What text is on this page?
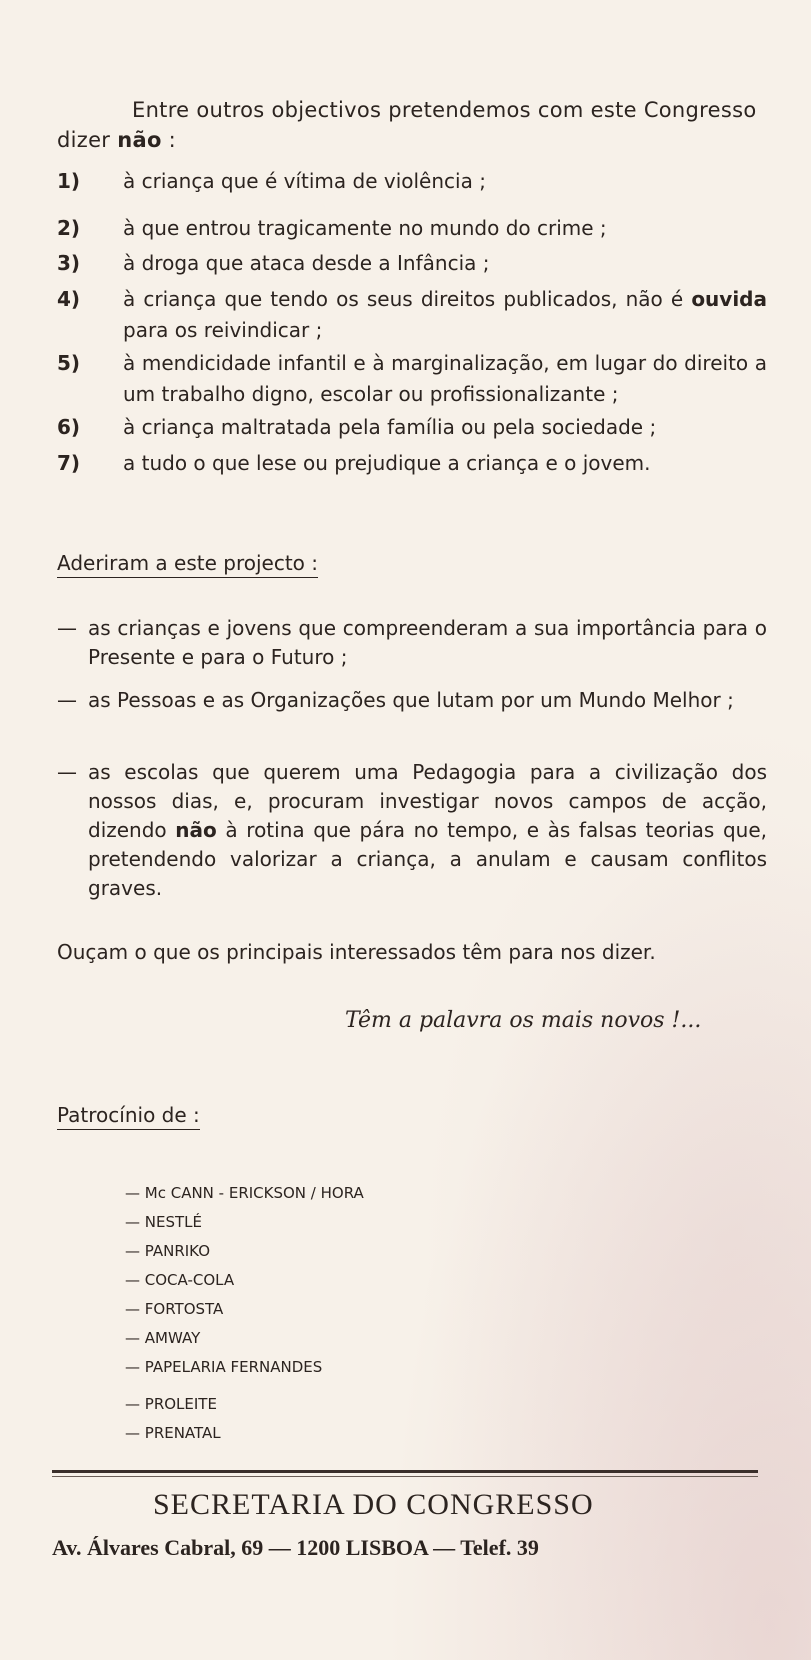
Entre outros objectivos pretendemos com este Congresso
dizer não :
1)	à criança que é vítima de violência ;
2)	à que entrou tragicamente no mundo do crime ;
3)	à droga que ataca desde a Infância ;
4)	à criança que tendo os seus direitos publicados, não é ouvida para os reivindicar ;
5)	à mendicidade infantil e à marginalização, em lugar do direito a um trabalho digno, escolar ou profissionalizante ;
6)	à criança maltratada pela família ou pela sociedade ;
7)	a tudo o que lese ou prejudique a criança e o jovem.
Aderiram a este projecto :
— as crianças e jovens que compreenderam a sua importância para o Presente e para o Futuro ;
— as Pessoas e as Organizações que lutam por um Mundo Melhor ;
— as escolas que querem uma Pedagogia para a civilização dos nossos dias, e, procuram investigar novos campos de acção, dizendo não à rotina que pára no tempo, e às falsas teorias que, pretendendo valorizar a criança, a anulam e causam conflitos graves.
Ouçam o que os principais interessados têm para nos dizer.
Têm a palavra os mais novos !...
Patrocínio de :
— Mc CANN - ERICKSON / HORA
— NESTLÉ
— PANRIKO
— COCA-COLA
— FORTOSTA
— AMWAY
— PAPELARIA FERNANDES
— PROLEITE
— PRENATAL
SECRETARIA DO CONGRESSO
Av. Álvares Cabral, 69 — 1200 LISBOA — Telef. 39
